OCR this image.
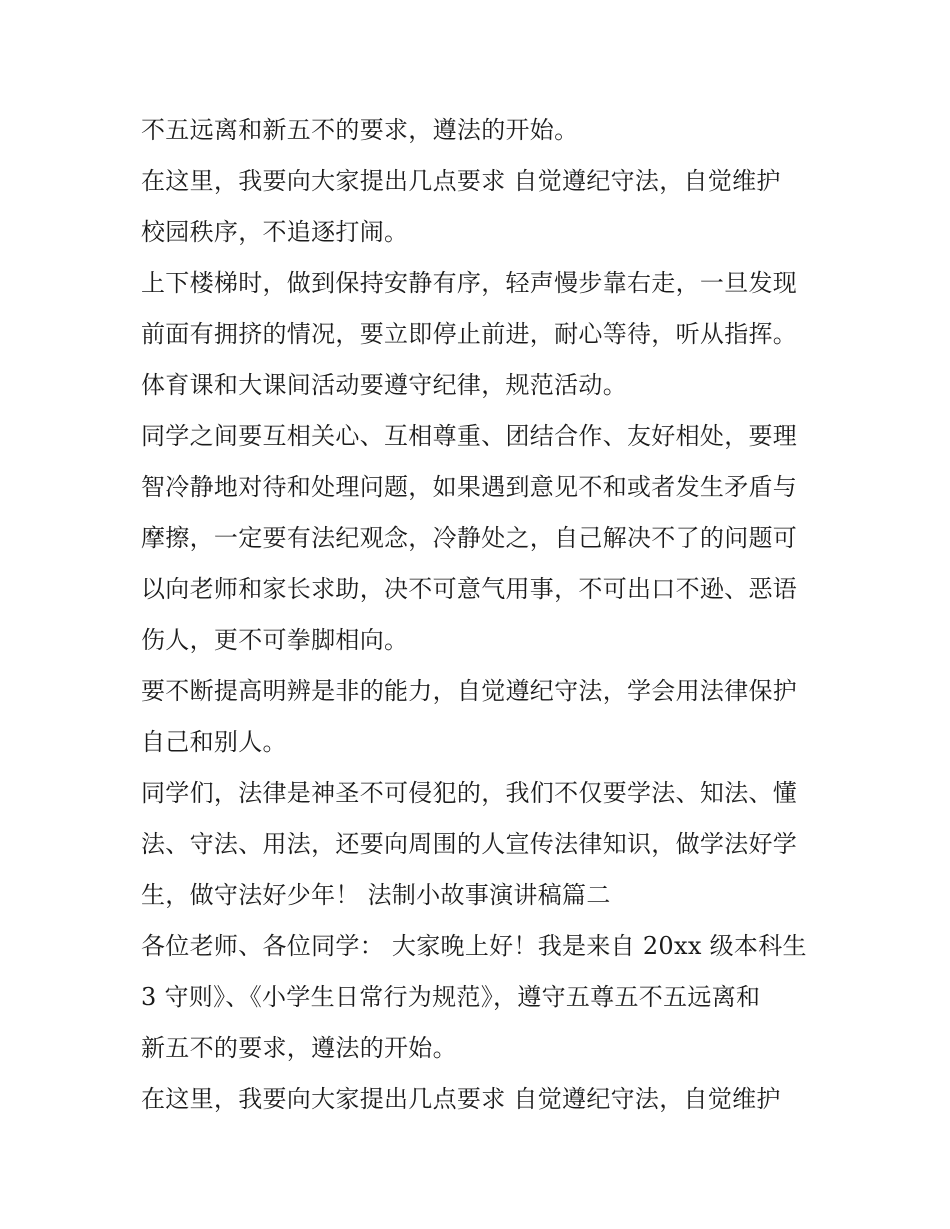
不五远离和新五不的要求，遵法的开始。
在这里，我要向大家提出几点要求 自觉遵纪守法，自觉维护
校园秩序，不追逐打闹。
上下楼梯时，做到保持安静有序，轻声慢步靠右走，一旦发现
前面有拥挤的情况，要立即停止前进，耐心等待，听从指挥。
体育课和大课间活动要遵守纪律，规范活动。
同学之间要互相关心、互相尊重、团结合作、友好相处，要理
智冷静地对待和处理问题，如果遇到意见不和或者发生矛盾与
摩擦，一定要有法纪观念，冷静处之，自己解决不了的问题可
以向老师和家长求助，决不可意气用事，不可出口不逊、恶语
伤人，更不可拳脚相向。
要不断提高明辨是非的能力，自觉遵纪守法，学会用法律保护
自己和别人。
同学们，法律是神圣不可侵犯的，我们不仅要学法、知法、懂
法、守法、用法，还要向周围的人宣传法律知识，做学法好学
生，做守法好少年！ 法制小故事演讲稿篇二
各位老师、各位同学： 大家晚上好！我是来自 20xx 级本科生
3 守则》、《小学生日常行为规范》，遵守五尊五不五远离和
新五不的要求，遵法的开始。
在这里，我要向大家提出几点要求 自觉遵纪守法，自觉维护
